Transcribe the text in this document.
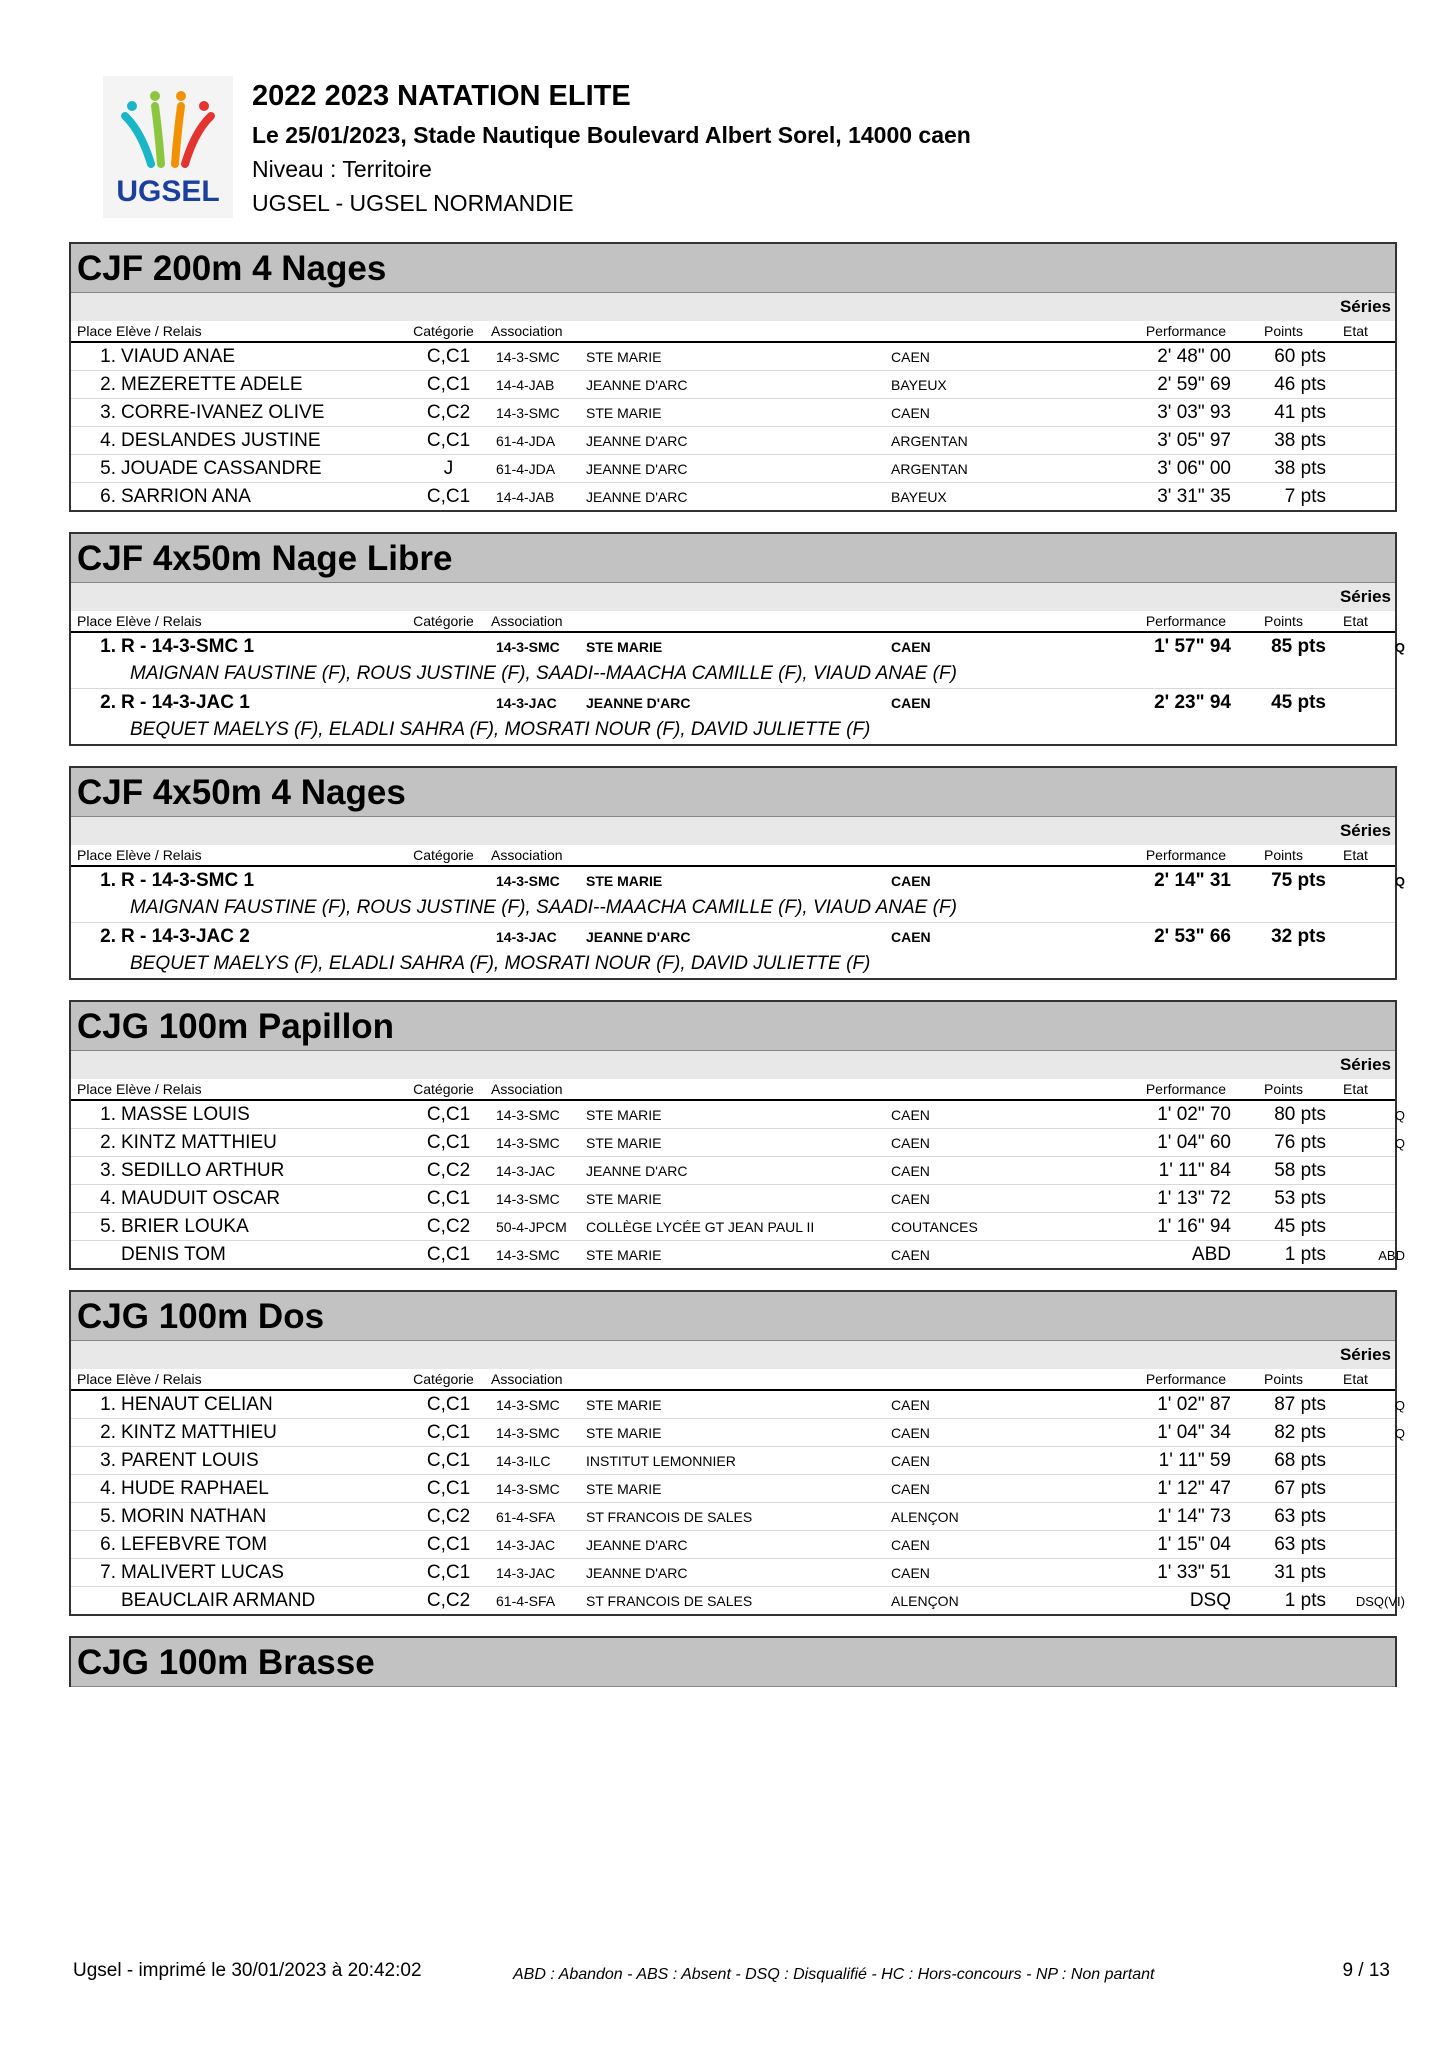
UGSEL
2022 2023 NATATION ELITE
Le 25/01/2023, Stade Nautique Boulevard Albert Sorel, 14000 caen
Niveau : Territoire
UGSEL - UGSEL NORMANDIE
CJF 200m 4 Nages
Séries
Place Elève / Relais	Catégorie	Association	Performance	Points	Etat
1. VIAUD ANAE	C,C1	14-3-SMC	STE MARIE	CAEN	2' 48" 00	60 pts
2. MEZERETTE ADELE	C,C1	14-4-JAB	JEANNE D'ARC	BAYEUX	2' 59" 69	46 pts
3. CORRE-IVANEZ OLIVE	C,C2	14-3-SMC	STE MARIE	CAEN	3' 03" 93	41 pts
4. DESLANDES JUSTINE	C,C1	61-4-JDA	JEANNE D'ARC	ARGENTAN	3' 05" 97	38 pts
5. JOUADE CASSANDRE	J	61-4-JDA	JEANNE D'ARC	ARGENTAN	3' 06" 00	38 pts
6. SARRION ANA	C,C1	14-4-JAB	JEANNE D'ARC	BAYEUX	3' 31" 35	7 pts
CJF 4x50m Nage Libre
Séries
Place Elève / Relais	Catégorie	Association	Performance	Points	Etat
1. R - 14-3-SMC 1	14-3-SMC	STE MARIE	CAEN	1' 57" 94	85 pts	Q
MAIGNAN FAUSTINE (F), ROUS JUSTINE (F), SAADI--MAACHA CAMILLE (F), VIAUD ANAE (F)
2. R - 14-3-JAC 1	14-3-JAC	JEANNE D'ARC	CAEN	2' 23" 94	45 pts
BEQUET MAELYS (F), ELADLI SAHRA (F), MOSRATI NOUR (F), DAVID JULIETTE (F)
CJF 4x50m 4 Nages
Séries
Place Elève / Relais	Catégorie	Association	Performance	Points	Etat
1. R - 14-3-SMC 1	14-3-SMC	STE MARIE	CAEN	2' 14" 31	75 pts	Q
MAIGNAN FAUSTINE (F), ROUS JUSTINE (F), SAADI--MAACHA CAMILLE (F), VIAUD ANAE (F)
2. R - 14-3-JAC 2	14-3-JAC	JEANNE D'ARC	CAEN	2' 53" 66	32 pts
BEQUET MAELYS (F), ELADLI SAHRA (F), MOSRATI NOUR (F), DAVID JULIETTE (F)
CJG 100m Papillon
Séries
Place Elève / Relais	Catégorie	Association	Performance	Points	Etat
1. MASSE LOUIS	C,C1	14-3-SMC	STE MARIE	CAEN	1' 02" 70	80 pts	Q
2. KINTZ MATTHIEU	C,C1	14-3-SMC	STE MARIE	CAEN	1' 04" 60	76 pts	Q
3. SEDILLO ARTHUR	C,C2	14-3-JAC	JEANNE D'ARC	CAEN	1' 11" 84	58 pts
4. MAUDUIT OSCAR	C,C1	14-3-SMC	STE MARIE	CAEN	1' 13" 72	53 pts
5. BRIER LOUKA	C,C2	50-4-JPCM	COLLÈGE LYCÉE GT JEAN PAUL II	COUTANCES	1' 16" 94	45 pts
DENIS TOM	C,C1	14-3-SMC	STE MARIE	CAEN	ABD	1 pts	ABD
CJG 100m Dos
Séries
Place Elève / Relais	Catégorie	Association	Performance	Points	Etat
1. HENAUT CELIAN	C,C1	14-3-SMC	STE MARIE	CAEN	1' 02" 87	87 pts	Q
2. KINTZ MATTHIEU	C,C1	14-3-SMC	STE MARIE	CAEN	1' 04" 34	82 pts	Q
3. PARENT LOUIS	C,C1	14-3-ILC	INSTITUT LEMONNIER	CAEN	1' 11" 59	68 pts
4. HUDE RAPHAEL	C,C1	14-3-SMC	STE MARIE	CAEN	1' 12" 47	67 pts
5. MORIN NATHAN	C,C2	61-4-SFA	ST FRANCOIS DE SALES	ALENÇON	1' 14" 73	63 pts
6. LEFEBVRE TOM	C,C1	14-3-JAC	JEANNE D'ARC	CAEN	1' 15" 04	63 pts
7. MALIVERT LUCAS	C,C1	14-3-JAC	JEANNE D'ARC	CAEN	1' 33" 51	31 pts
BEAUCLAIR ARMAND	C,C2	61-4-SFA	ST FRANCOIS DE SALES	ALENÇON	DSQ	1 pts	DSQ(VI)
CJG 100m Brasse
Ugsel - imprimé le 30/01/2023 à 20:42:02	ABD : Abandon - ABS : Absent - DSQ : Disqualifié - HC : Hors-concours - NP : Non partant	9 / 13
